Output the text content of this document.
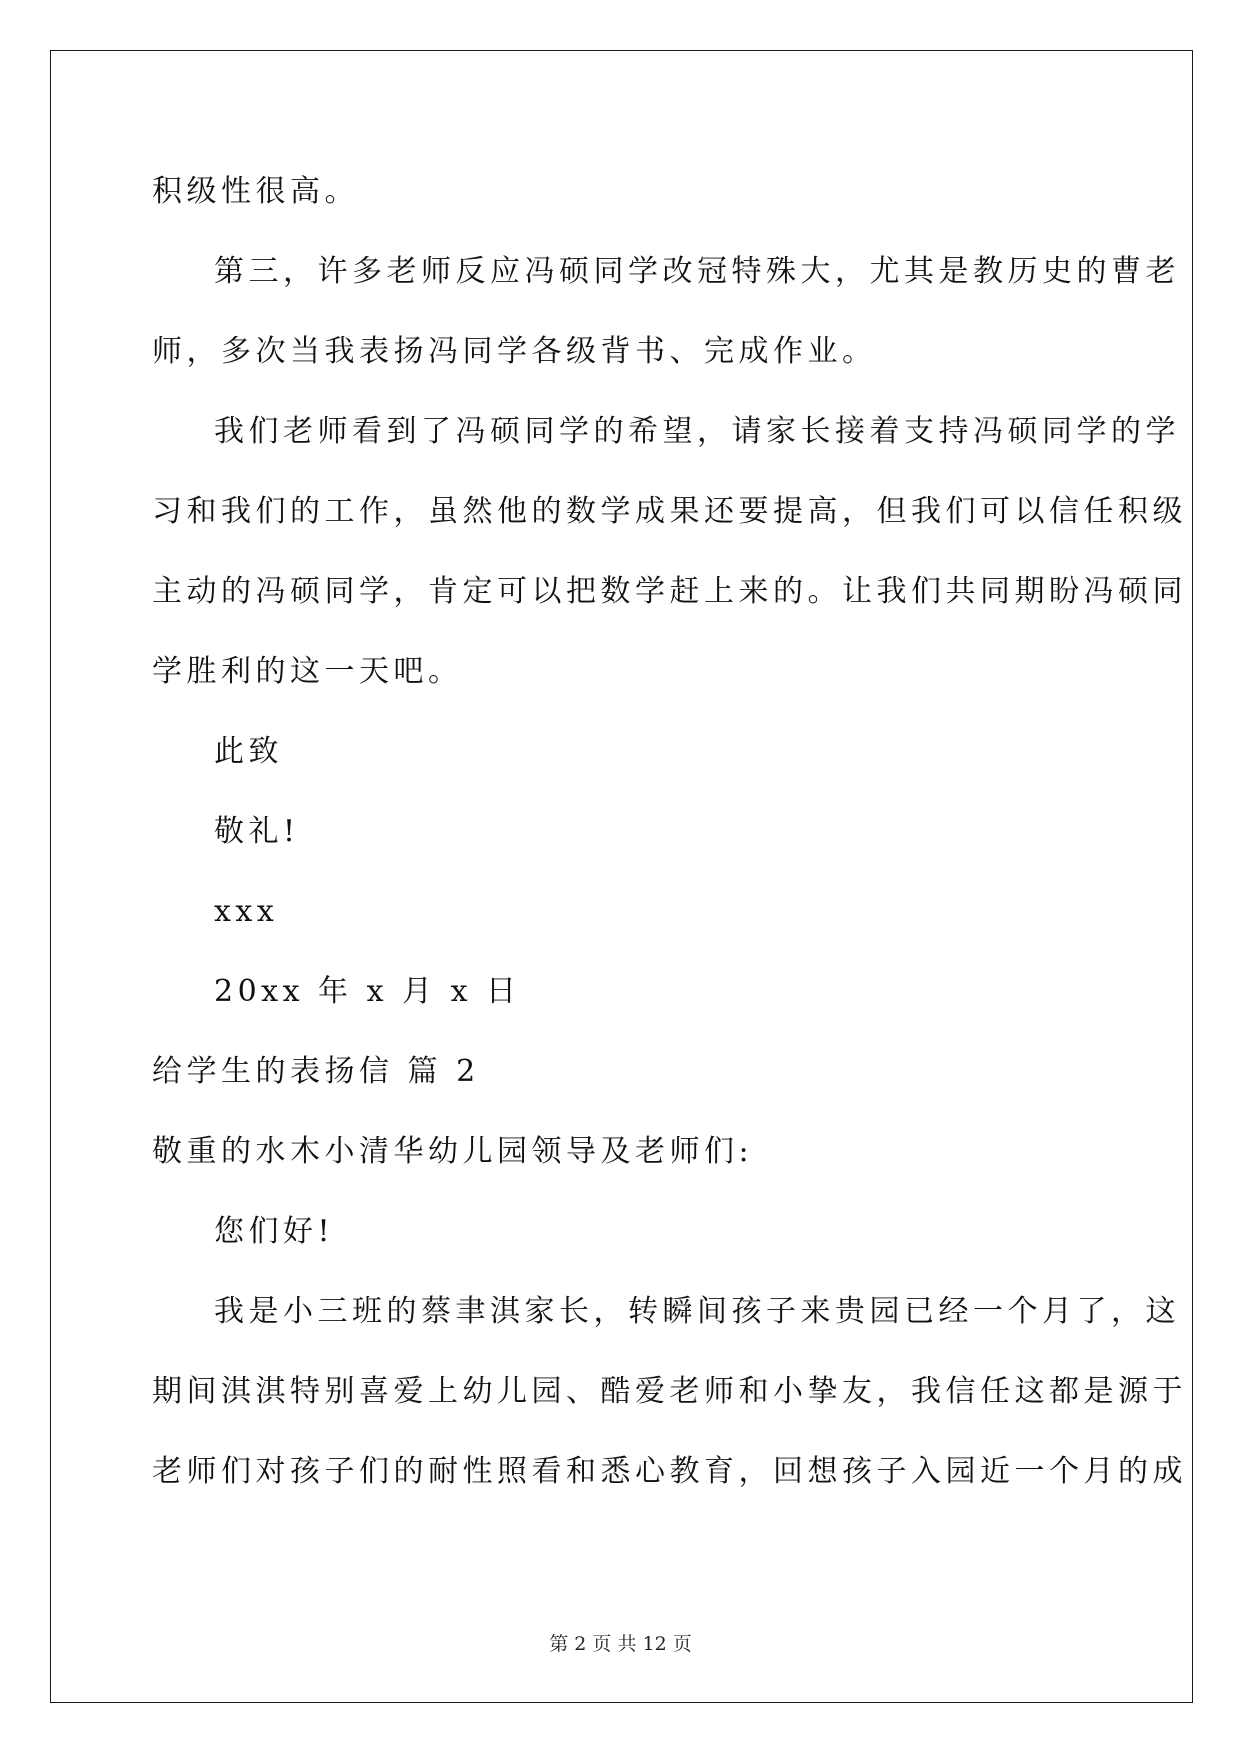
积级性很高。
第三，许多老师反应冯硕同学改冠特殊大，尤其是教历史的曹老
师，多次当我表扬冯同学各级背书、完成作业。
我们老师看到了冯硕同学的希望，请家长接着支持冯硕同学的学
习和我们的工作，虽然他的数学成果还要提高，但我们可以信任积级
主动的冯硕同学，肯定可以把数学赶上来的。让我们共同期盼冯硕同
学胜利的这一天吧。
此致
敬礼!
xxx
20xx 年 x 月 x 日
给学生的表扬信 篇 2
敬重的水木小清华幼儿园领导及老师们:
您们好!
我是小三班的蔡聿淇家长，转瞬间孩子来贵园已经一个月了，这
期间淇淇特别喜爱上幼儿园、酷爱老师和小挚友，我信任这都是源于
老师们对孩子们的耐性照看和悉心教育，回想孩子入园近一个月的成
第 2 页 共 12 页
